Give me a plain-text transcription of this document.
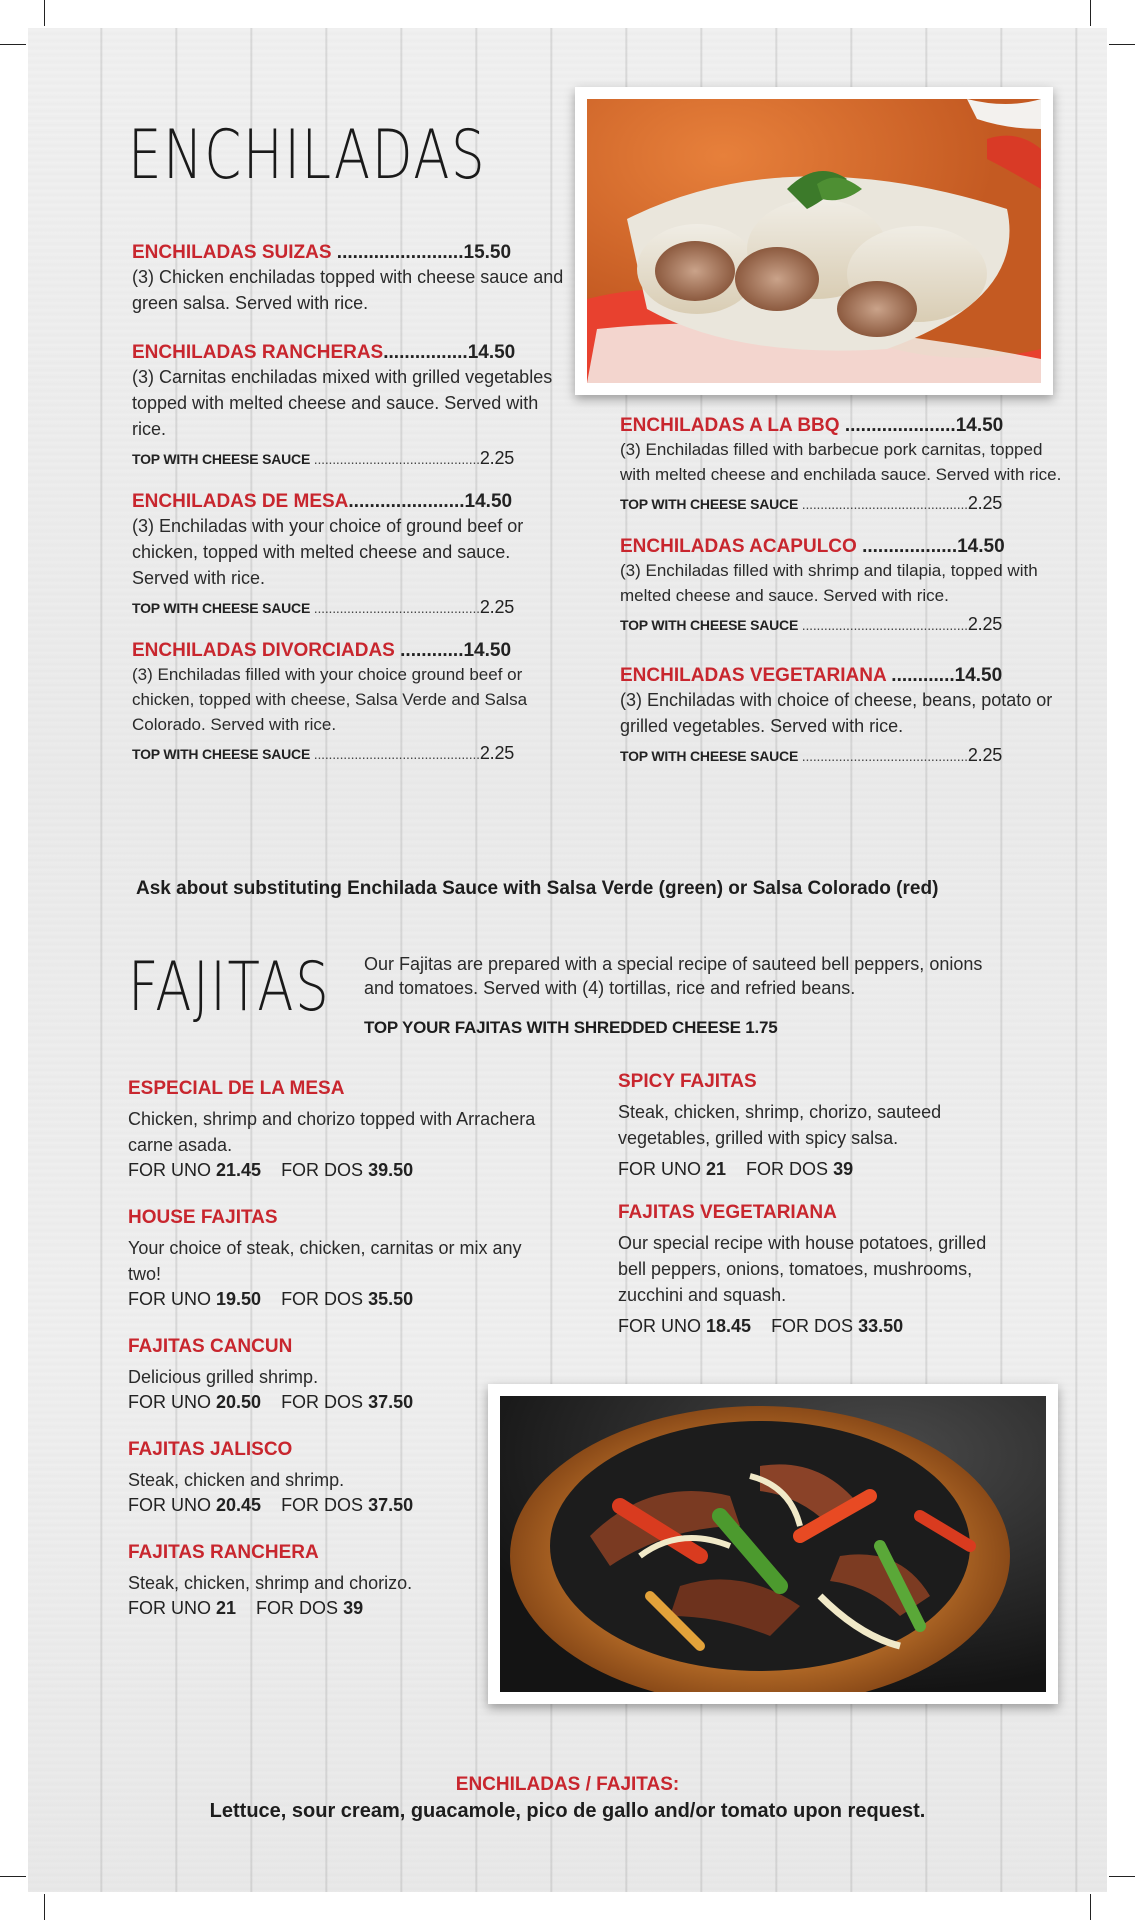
ENCHILADAS
ENCHILADAS SUIZAS ........................15.50
(3) Chicken enchiladas topped with cheese sauce and green salsa. Served with rice.
ENCHILADAS RANCHERAS................14.50
(3) Carnitas enchiladas mixed with grilled vegetables topped with melted cheese and sauce. Served with rice.
TOP WITH CHEESE SAUCE .............................................2.25
ENCHILADAS DE MESA......................14.50
(3) Enchiladas with your choice of ground beef or chicken, topped with melted cheese and sauce. Served with rice.
TOP WITH CHEESE SAUCE .............................................2.25
ENCHILADAS DIVORCIADAS ............14.50
(3) Enchiladas filled with your choice ground beef or chicken, topped with cheese, Salsa Verde and Salsa Colorado. Served with rice.
TOP WITH CHEESE SAUCE .............................................2.25
ENCHILADAS A LA BBQ .....................14.50
(3) Enchiladas filled with barbecue pork carnitas, topped with melted cheese and enchilada sauce. Served with rice.
TOP WITH CHEESE SAUCE .............................................2.25
ENCHILADAS ACAPULCO ..................14.50
(3) Enchiladas filled with shrimp and tilapia, topped with melted cheese and sauce. Served with rice.
TOP WITH CHEESE SAUCE .............................................2.25
ENCHILADAS VEGETARIANA ............14.50
(3) Enchiladas with choice of cheese, beans, potato or grilled vegetables. Served with rice.
TOP WITH CHEESE SAUCE .............................................2.25
Ask about substituting Enchilada Sauce with Salsa Verde (green) or Salsa Colorado (red)
FAJITAS Our Fajitas are prepared with a special recipe of sauteed bell peppers, onions and tomatoes. Served with (4) tortillas, rice and refried beans.
TOP YOUR FAJITAS WITH SHREDDED CHEESE 1.75
ESPECIAL DE LA MESA
Chicken, shrimp and chorizo topped with Arrachera carne asada.
FOR UNO 21.45 FOR DOS 39.50
HOUSE FAJITAS
Your choice of steak, chicken, carnitas or mix any two!
FOR UNO 19.50 FOR DOS 35.50
FAJITAS CANCUN
Delicious grilled shrimp.
FOR UNO 20.50 FOR DOS 37.50
FAJITAS JALISCO
Steak, chicken and shrimp.
FOR UNO 20.45 FOR DOS 37.50
FAJITAS RANCHERA
Steak, chicken, shrimp and chorizo.
FOR UNO 21 FOR DOS 39
SPICY FAJITAS
Steak, chicken, shrimp, chorizo, sauteed vegetables, grilled with spicy salsa.
FOR UNO 21 FOR DOS 39
FAJITAS VEGETARIANA
Our special recipe with house potatoes, grilled bell peppers, onions, tomatoes, mushrooms, zucchini and squash.
FOR UNO 18.45 FOR DOS 33.50
ENCHILADAS / FAJITAS:
Lettuce, sour cream, guacamole, pico de gallo and/or tomato upon request.
